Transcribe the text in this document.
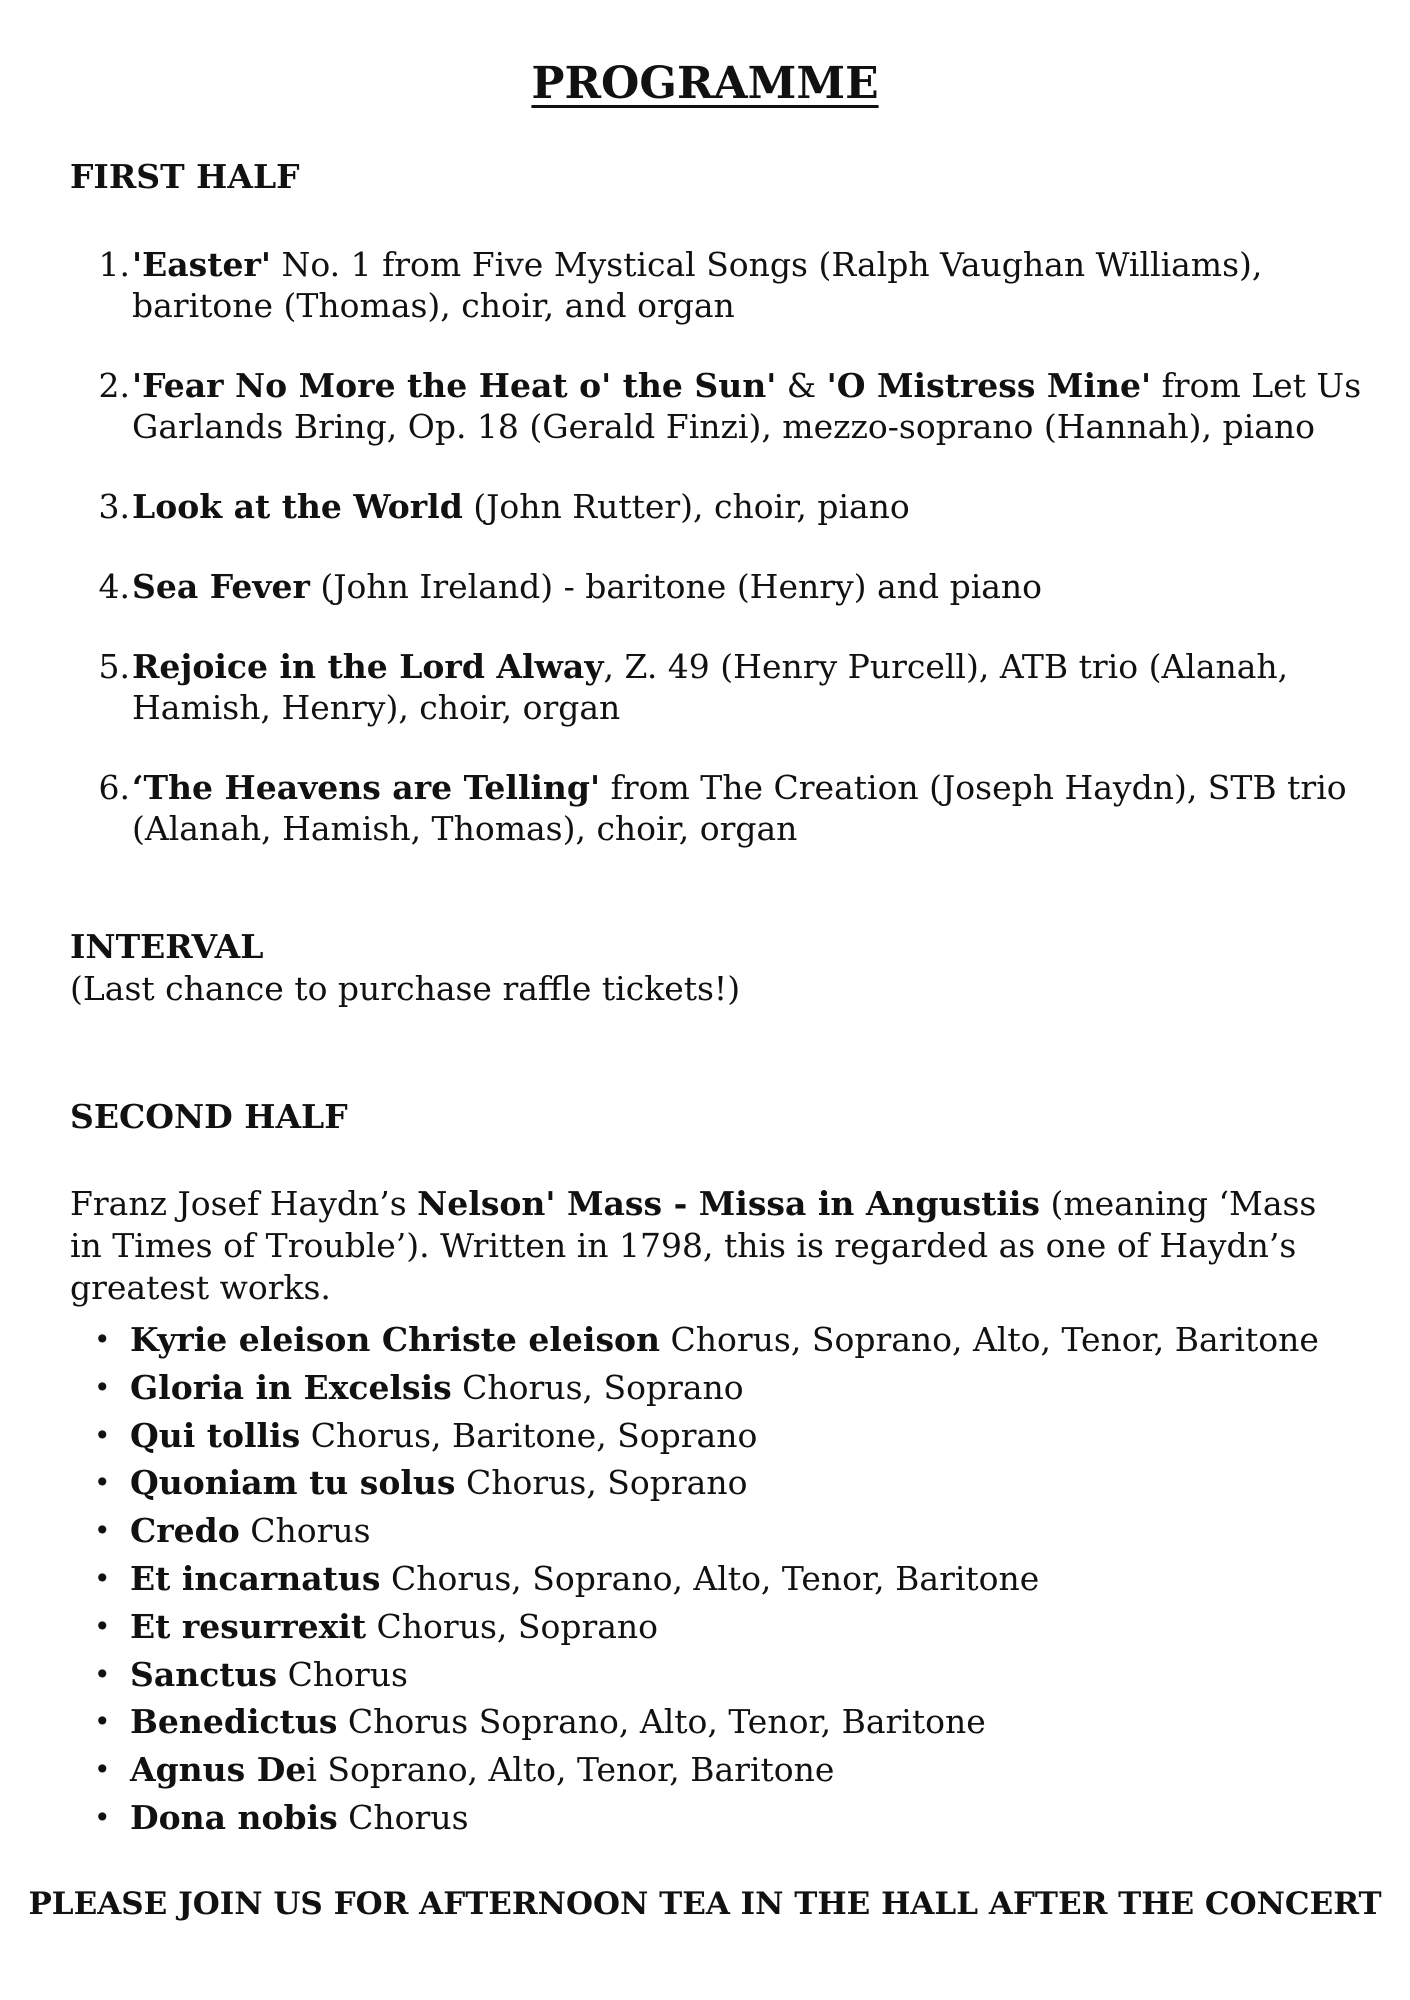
PROGRAMME
FIRST HALF
1. 'Easter' No. 1 from Five Mystical Songs (Ralph Vaughan Williams), baritone (Thomas), choir, and organ
2. 'Fear No More the Heat o' the Sun' & 'O Mistress Mine' from Let Us Garlands Bring, Op. 18 (Gerald Finzi), mezzo-soprano (Hannah), piano
3. Look at the World (John Rutter), choir, piano
4. Sea Fever (John Ireland) - baritone (Henry) and piano
5. Rejoice in the Lord Alway, Z. 49 (Henry Purcell), ATB trio (Alanah, Hamish, Henry), choir, organ
6. ‘The Heavens are Telling' from The Creation (Joseph Haydn), STB trio (Alanah, Hamish, Thomas), choir, organ
INTERVAL
(Last chance to purchase raffle tickets!)
SECOND HALF
Franz Josef Haydn’s Nelson' Mass - Missa in Angustiis (meaning ‘Mass in Times of Trouble’). Written in 1798, this is regarded as one of Haydn’s greatest works.
• Kyrie eleison Christe eleison Chorus, Soprano, Alto, Tenor, Baritone
• Gloria in Excelsis Chorus, Soprano
• Qui tollis Chorus, Baritone, Soprano
• Quoniam tu solus Chorus, Soprano
• Credo Chorus
• Et incarnatus Chorus, Soprano, Alto, Tenor, Baritone
• Et resurrexit Chorus, Soprano
• Sanctus Chorus
• Benedictus Chorus Soprano, Alto, Tenor, Baritone
• Agnus Dei Soprano, Alto, Tenor, Baritone
• Dona nobis Chorus
PLEASE JOIN US FOR AFTERNOON TEA IN THE HALL AFTER THE CONCERT
